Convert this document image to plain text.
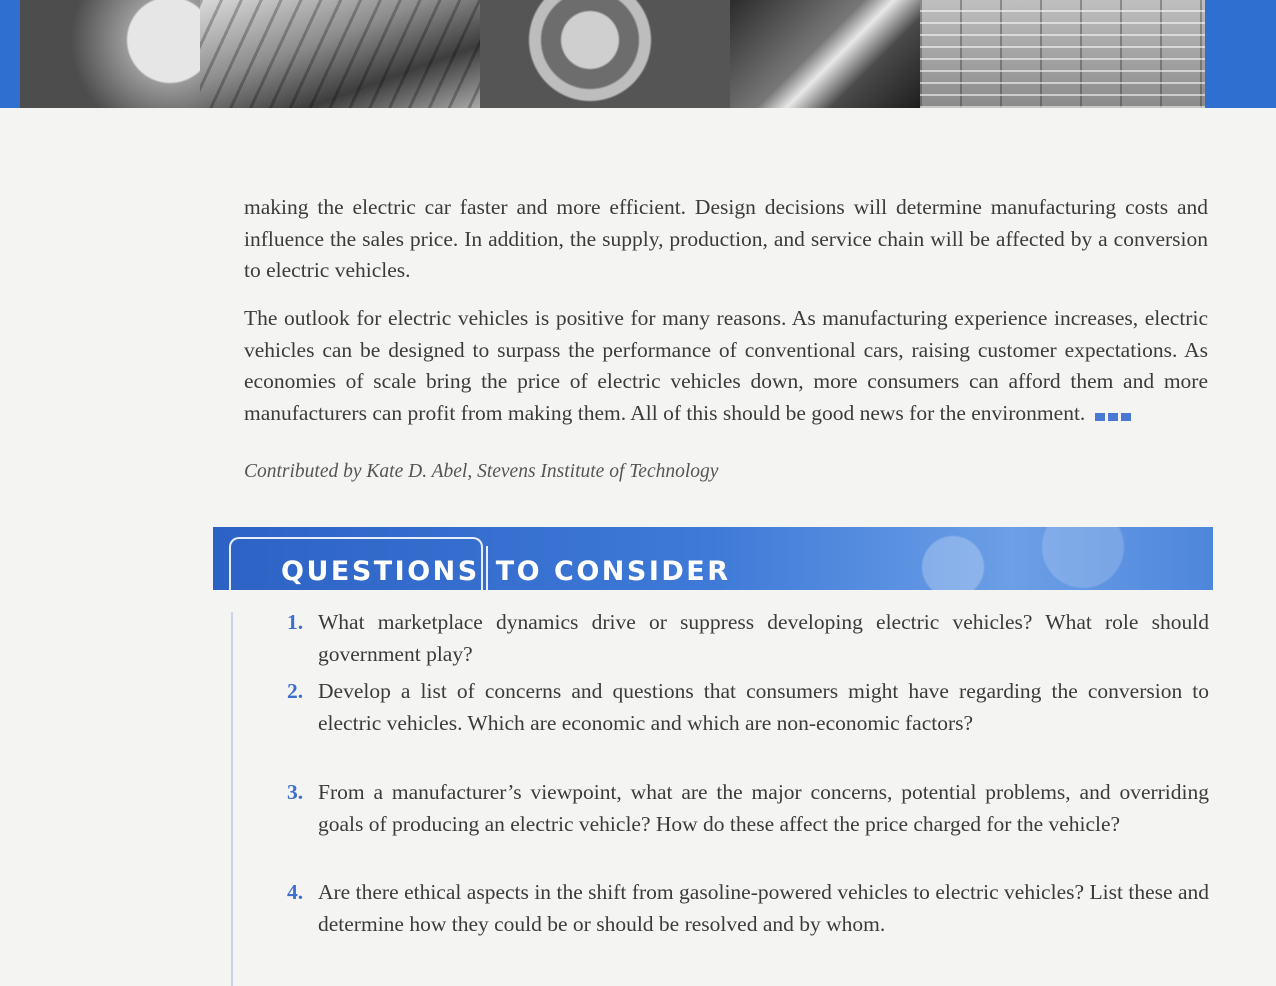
making the electric car faster and more efficient. Design decisions will determine manufacturing costs and influence the sales price. In addition, the supply, production, and service chain will be affected by a conversion to electric vehicles.

The outlook for electric vehicles is positive for many reasons. As manufacturing experience increases, electric vehicles can be designed to surpass the performance of conventional cars, raising customer expectations. As economies of scale bring the price of electric vehicles down, more consumers can afford them and more manufacturers can profit from making them. All of this should be good news for the environment.

Contributed by Kate D. Abel, Stevens Institute of Technology
QUESTIONS TO CONSIDER
1. What marketplace dynamics drive or suppress developing electric vehicles? What role should government play?
2. Develop a list of concerns and questions that consumers might have regarding the conversion to electric vehicles. Which are economic and which are non-economic factors?
3. From a manufacturer’s viewpoint, what are the major concerns, potential problems, and overriding goals of producing an electric vehicle? How do these affect the price charged for the vehicle?
4. Are there ethical aspects in the shift from gasoline-powered vehicles to electric vehicles? List these and determine how they could be or should be resolved and by whom.
